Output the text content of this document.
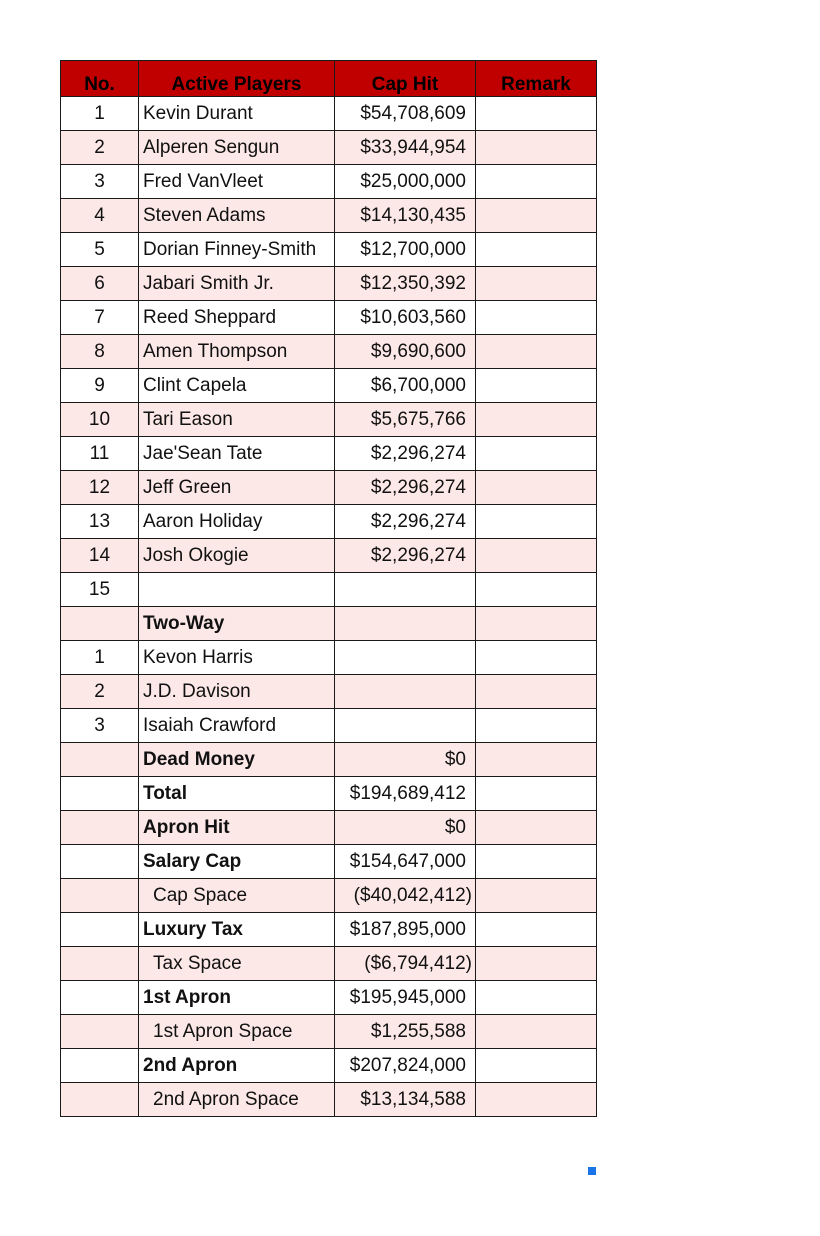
No.	Active Players	Cap Hit	Remark
1	Kevin Durant	$54,708,609	
2	Alperen Sengun	$33,944,954	
3	Fred VanVleet	$25,000,000	
4	Steven Adams	$14,130,435	
5	Dorian Finney-Smith	$12,700,000	
6	Jabari Smith Jr.	$12,350,392	
7	Reed Sheppard	$10,603,560	
8	Amen Thompson	$9,690,600	
9	Clint Capela	$6,700,000	
10	Tari Eason	$5,675,766	
11	Jae'Sean Tate	$2,296,274	
12	Jeff Green	$2,296,274	
13	Aaron Holiday	$2,296,274	
14	Josh Okogie	$2,296,274	
15			
	Two-Way		
1	Kevon Harris		
2	J.D. Davison		
3	Isaiah Crawford		
	Dead Money	$0	
	Total	$194,689,412	
	Apron Hit	$0	
	Salary Cap	$154,647,000	
	Cap Space	($40,042,412)	
	Luxury Tax	$187,895,000	
	Tax Space	($6,794,412)	
	1st Apron	$195,945,000	
	1st Apron Space	$1,255,588	
	2nd Apron	$207,824,000	
	2nd Apron Space	$13,134,588	
